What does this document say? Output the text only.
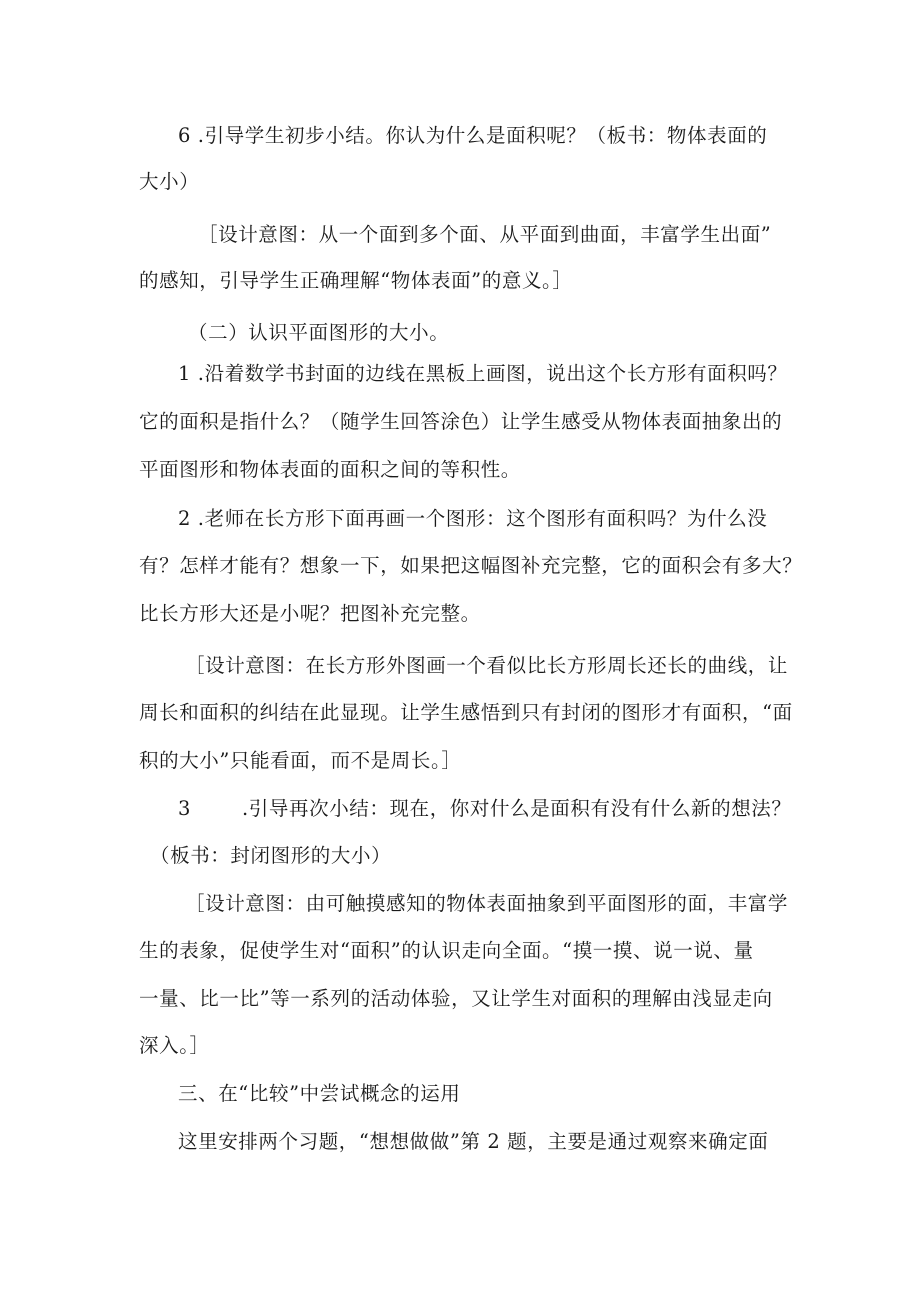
6 .引导学生初步小结。你认为什么是面积呢？（板书：物体表面的
大小）
［设计意图：从一个面到多个面、从平面到曲面，丰富学生出面”
的感知，引导学生正确理解“物体表面”的意义。］
（二）认识平面图形的大小。
1 .沿着数学书封面的边线在黑板上画图，说出这个长方形有面积吗？
它的面积是指什么？（随学生回答涂色）让学生感受从物体表面抽象出的
平面图形和物体表面的面积之间的等积性。
2 .老师在长方形下面再画一个图形：这个图形有面积吗？为什么没
有？怎样才能有？想象一下，如果把这幅图补充完整，它的面积会有多大？
比长方形大还是小呢？把图补充完整。
［设计意图：在长方形外图画一个看似比长方形周长还长的曲线，让
周长和面积的纠结在此显现。让学生感悟到只有封闭的图形才有面积，“面
积的大小”只能看面，而不是周长。］
3	.引导再次小结：现在，你对什么是面积有没有什么新的想法？
（板书：封闭图形的大小）
［设计意图：由可触摸感知的物体表面抽象到平面图形的面，丰富学
生的表象，促使学生对“面积”的认识走向全面。“摸一摸、说一说、量
一量、比一比”等一系列的活动体验，又让学生对面积的理解由浅显走向
深入。］
三、在“比较”中尝试概念的运用
这里安排两个习题，“想想做做”第 2 题，主要是通过观察来确定面
